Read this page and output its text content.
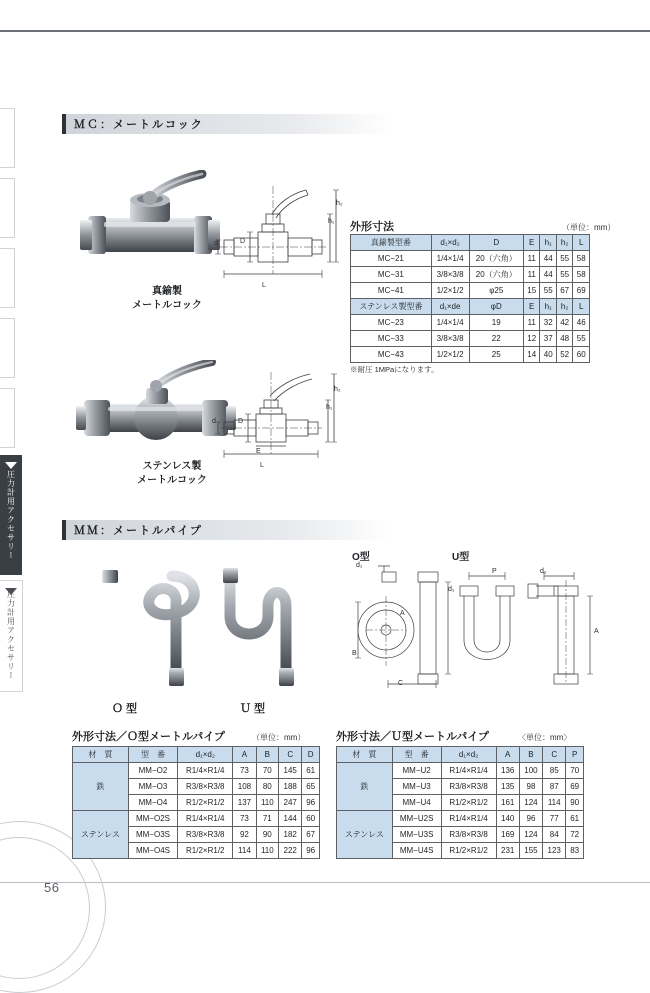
56
圧力計用アクセサリー
圧力計用アクセサリー
ＭＣ：メートルコック
真鍮製
メートルコック
d	D
L
h₁
h₂
外形寸法	（単位：mm）
真鍮製型番	d₁×d₂	D	E	h₁	h₂	L
MC−21	1/4×1/4	20（六角）	11	44	55	58
MC−31	3/8×3/8	20（六角）	11	44	55	58
MC−41	1/2×1/2	φ25	15	55	67	69
ステンレス製型番	d₁×de	φD	E	h₁	h₂	L
MC−23	1/4×1/4	19	11	32	42	46
MC−33	3/8×3/8	22	12	37	48	55
MC−43	1/2×1/2	25	14	40	52	60
※耐圧 1MPaになります。
ステンレス製
メートルコック
d	D
E
L
h₁
h₂
ＭＭ：メートルパイプ
Ｏ 型	Ｕ 型
O型
d₁
A
B
C
U型
P	d₂
A
d₁
外形寸法／Ｏ型メートルパイプ	（単位：mm）
材　質	型　番	d₁×d₂	A	B	C	D
鉄	MM−O2	R1/4×R1/4	73	70	145	61
	MM−O3	R3/8×R3/8	108	80	188	65
	MM−O4	R1/2×R1/2	137	110	247	96
ステンレス	MM−O2S	R1/4×R1/4	73	71	144	60
	MM−O3S	R3/8×R3/8	92	90	182	67
	MM−O4S	R1/2×R1/2	114	110	222	96
外形寸法／Ｕ型メートルパイプ	〈単位：mm〉
材　質	型　番	d₁×d₂	A	B	C	P
鉄	MM−U2	R1/4×R1/4	136	100	85	70
	MM−U3	R3/8×R3/8	135	98	87	69
	MM−U4	R1/2×R1/2	161	124	114	90
ステンレス	MM−U2S	R1/4×R1/4	140	96	77	61
	MM−U3S	R3/8×R3/8	169	124	84	72
	MM−U4S	R1/2×R1/2	231	155	123	83
